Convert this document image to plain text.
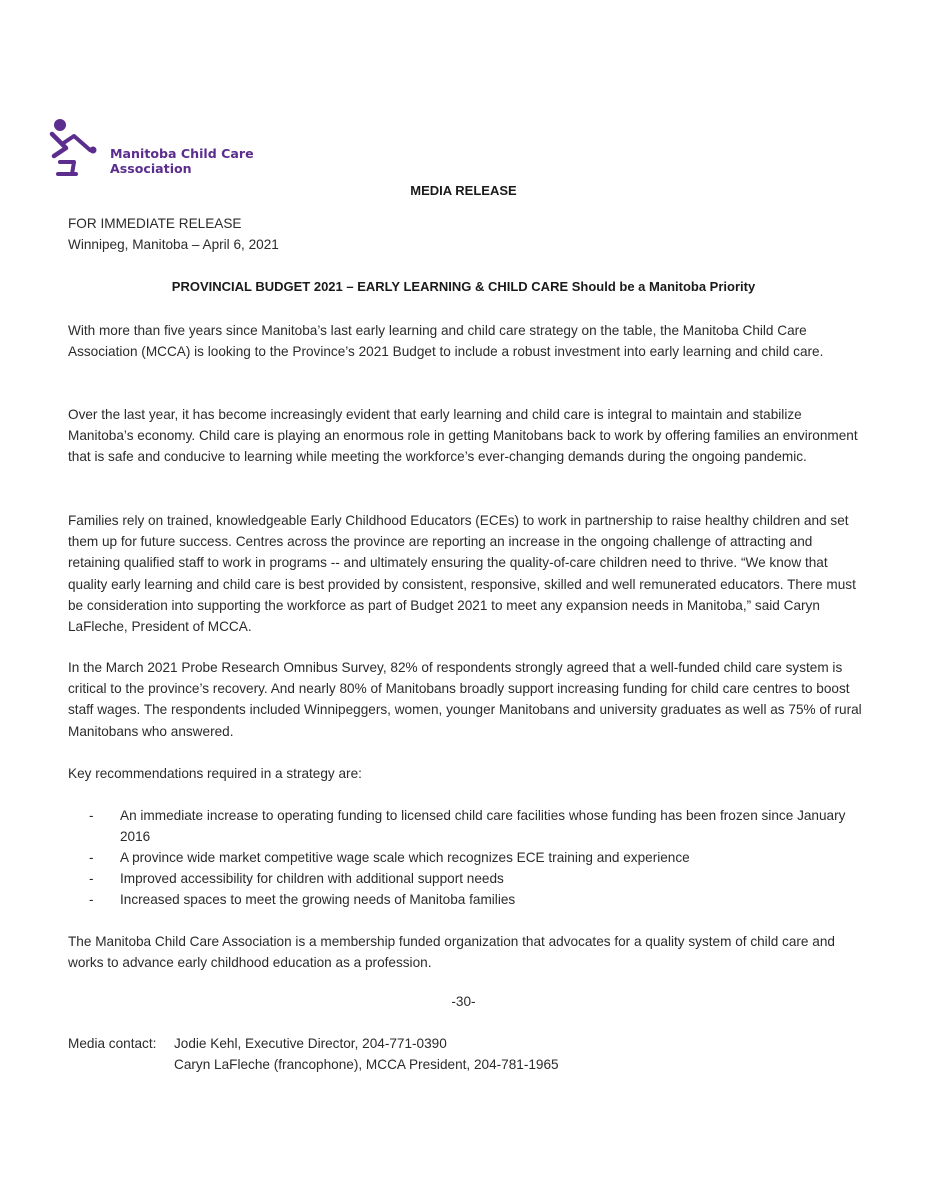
Manitoba Child Care
Association
MEDIA RELEASE
FOR IMMEDIATE RELEASE
Winnipeg, Manitoba – April 6, 2021
PROVINCIAL BUDGET 2021 – EARLY LEARNING & CHILD CARE Should be a Manitoba Priority

With more than five years since Manitoba’s last early learning and child care strategy on the table, the Manitoba Child Care Association (MCCA) is looking to the Province’s 2021 Budget to include a robust investment into early learning and child care.

Over the last year, it has become increasingly evident that early learning and child care is integral to maintain and stabilize Manitoba’s economy. Child care is playing an enormous role in getting Manitobans back to work by offering families an environment that is safe and conducive to learning while meeting the workforce’s ever-changing demands during the ongoing pandemic.

Families rely on trained, knowledgeable Early Childhood Educators (ECEs) to work in partnership to raise healthy children and set them up for future success. Centres across the province are reporting an increase in the ongoing challenge of attracting and retaining qualified staff to work in programs -- and ultimately ensuring the quality-of-care children need to thrive. “We know that quality early learning and child care is best provided by consistent, responsive, skilled and well remunerated educators. There must be consideration into supporting the workforce as part of Budget 2021 to meet any expansion needs in Manitoba,” said Caryn LaFleche, President of MCCA.

In the March 2021 Probe Research Omnibus Survey, 82% of respondents strongly agreed that a well-funded child care system is critical to the province’s recovery. And nearly 80% of Manitobans broadly support increasing funding for child care centres to boost staff wages. The respondents included Winnipeggers, women, younger Manitobans and university graduates as well as 75% of rural Manitobans who answered.

Key recommendations required in a strategy are:

- An immediate increase to operating funding to licensed child care facilities whose funding has been frozen since January 2016
- A province wide market competitive wage scale which recognizes ECE training and experience
- Improved accessibility for children with additional support needs
- Increased spaces to meet the growing needs of Manitoba families

The Manitoba Child Care Association is a membership funded organization that advocates for a quality system of child care and works to advance early childhood education as a profession.

-30-
Media contact: Jodie Kehl, Executive Director, 204-771-0390
Caryn LaFleche (francophone), MCCA President, 204-781-1965
